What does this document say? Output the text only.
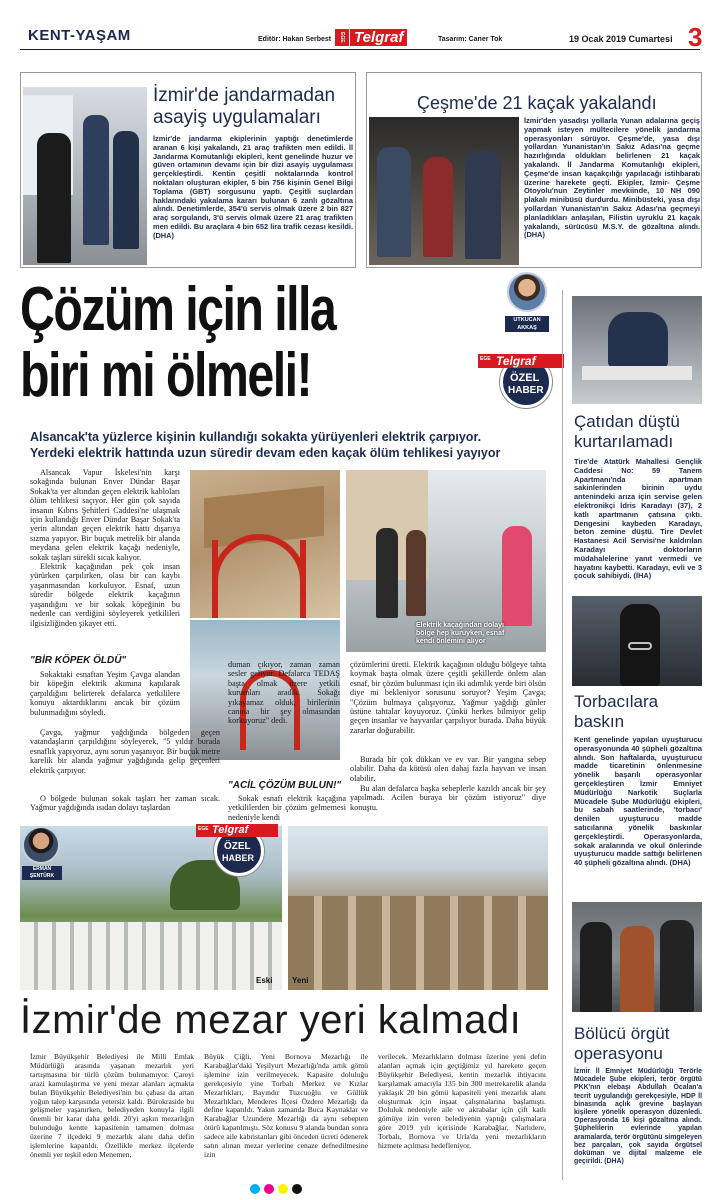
KENT-YAŞAM	Editör: Hakan Serbest	EGE Telgraf	Tasarım: Caner Tok	19 Ocak 2019 Cumartesi 3
İzmir'de jandarmadan asayiş uygulamaları
İzmir'de jandarma ekiplerinin yaptığı denetimlerde aranan 6 kişi yakalandı, 21 araç trafikten men edildi. İl Jandarma Komutanlığı ekipleri, kent genelinde huzur ve güven ortamının devamı için bir dizi asayiş uygulaması gerçekleştirdi. Kentin çeşitli noktalarında kontrol noktaları oluşturan ekipler, 5 bin 756 kişinin Genel Bilgi Toplama (GBT) sorgusunu yaptı. Çeşitli suçlardan haklarındaki yakalama kararı bulunan 6 zanlı gözaltına alındı. Denetimlerde, 354'ü servis olmak üzere 2 bin 827 araç sorgulandı, 3'ü servis olmak üzere 21 araç trafikten men edildi. Bu araçlara 4 bin 652 lira trafik cezası kesildi. (DHA)
Çeşme'de 21 kaçak yakalandı
İzmir'den yasadışı yollarla Yunan adalarına geçiş yapmak isteyen mültecilere yönelik jandarma operasyonları sürüyor. Çeşme'de, yasa dışı yollardan Yunanistan'ın Sakız Adası'na geçme hazırlığında oldukları belirlenen 21 kaçak yakalandı. İl Jandarma Komutanlığı ekipleri, Çeşme'de insan kaçakçılığı yapılacağı istihbaratı üzerine harekete geçti. Ekipler, İzmir- Çeşme Otoyolu'nun Zeytinler mevkiinde, 10 NH 090 plakalı minibüsü durdurdu. Minibüsteki, yasa dışı yollardan Yunanistan'ın Sakız Adası'na geçmeyi planladıkları anlaşılan, Filistin uyruklu 21 kaçak yakalandı, sürücüsü M.S.Y. de gözaltına alındı. (DHA)
Çözüm için illa
biri mi ölmeli!
UTKUCAN
AKKAŞ
EGE Telgraf
ÖZEL
HABER
Alsancak'ta yüzlerce kişinin kullandığı sokakta yürüyenleri elektrik çarpıyor.
Yerdeki elektrik hattında uzun süredir devam eden kaçak ölüm tehlikesi yayıyor

Alsancak Vapur İskelesi'nin karşı sokağında bulunan Enver Dündar Başar Sokak'ta yer altından geçen elektrik kabloları ölüm tehlikesi saçıyor. Her gün çok sayıda insanın Kıbrıs Şehitleri Caddesi'ne ulaşmak için kullandığı Enver Dündar Başar Sokak'ta yerin altından geçen elektrik hattı dışarıya sızma yapıyor. Bir buçuk metrelik bir alanda meydana gelen elektrik kaçağı nedeniyle, sokak taşları sürekli sıcak kalıyor.

Elektrik kaçağından pek çok insan yürürken çarpılırken, olası bir can kaybı yaşanmasından korkuluyor. Esnaf, uzun süredir bölgede elektrik kaçağının yaşandığını ve bir sokak köpeğinin bu nedenle can verdiğini söyleyerek yetkilileri ilgisizliğinden şikayet etti.	Elektrik kaçağından dolayı
bölge hep kuruyken, esnaf
kendi önlemini alıyor
"BİR KÖPEK ÖLDÜ"

Sokaktaki esnaftan Yeşim Çavga alandan bir köpeğin elektrik akımına kapılarak çarpıldığını belirterek defalarca yetkililere konuyu aktardıklarını ancak bir çözüm bulunmadığını söyledi.

Çavga, yağmur yağdığında bölgeden geçen vatandaşların çarpıldığını söyleyerek, "5 yıldır burada esnaflık yapıyoruz, aynı sorun yaşanıyor. Bir buçuk metre karelik bir alanda yağmur yağdığında gelip geçenleri elektrik çarpıyor.

O bölgede bulunan sokak taşları her zaman sıcak. Yağmur yağdığında ısıdan dolayı taşlardan

duman çıkıyor, zaman zaman sesler geliyor. Defalarca TEDAŞ başta olmak üzere yetkili kurumları aradık. Sokağı yıkayamaz olduk, birilerinin canına bir şey olmasından korkuyoruz" dedi.

"ACİL ÇÖZÜM BULUN!"

Sokak esnafı elektrik kaçağına yetkililerden bir çözüm gelmemesi nedeniyle kendi

çözümlerini üretti. Elektrik kaçağının olduğu bölgeye tahta koymak başta olmak üzere çeşitli şekillerde önlem alan esnaf, bir çözüm bulunması için iki adımlık yerde biri ölsün diye mi bekleniyor sorusunu soruyor? Yeşim Çavga; "Çözüm bulmaya çalışıyoruz. Yağmur yağdığı günler üstüne tahtalar koyuyoruz. Çünkü herkes bilmiyor gelip geçen insanlar ve hayvanlar çarpılıyor burada. Daha büyük zararlar doğurabilir.

Burada bir çok dükkan ve ev var. Bir yangına sebep olabilir. Daha da kötüsü olen dahaj fazla hayvan ve insan olabilir.

Bu alan defalarca başka sebeplerle kazıldı ancak bir şey yapılmadı. Acilen buraya bir çözüm istiyoruz" diye konuştu.

Eski Yeni
ERMAN
ŞENTÜRK
EGE Telgraf
ÖZEL
HABER
İzmir'de mezar yeri kalmadı

İzmir Büyükşehir Belediyesi ile Milli Emlak Müdürlüğü arasında yaşanan mezarlık yeri tartışmasına bir türlü çözüm bulunamıyor. Çareyi arazi kamulaştırma ve yeni mezar alanları açmakta bulan Büyükşehir Belediyesi'nin bu çabası da artan yoğun talep karşısında yetersiz kaldı. Bürokraside bu gelişmeler yaşanırken, belediyeden konuyla ilgili önemli bir karar daha geldi. 20'yi aşkın mezarlığın bulunduğu kentte kapasitenin tamamen dolması üzerine 7 ilçedeki 9 mezarlık alanı daha defin işlemlerine kapatıldı. Özellikle merkez ilçelerde önemli yer teşkil eden Menemen,

Büyük Çiğli, Yeni Bornova Mezarlığı ile Karabağlar'daki Yeşilyurt Mezarlığı'nda artık gömü işlemine izin verilmeyecek. Kapasite doluluğu gerekçesiyle yine Torbalı Merkez ve Kızlar Mezarlıkları, Bayındır Tuzcuoğlu ve Güllük Mezarlıkları, Menderes İlçesi Özdere Mezarlığı da define kapatıldı. Yakın zamanda Buca Kaynaklar ve Karabağlar Uzundere Mezarlığı da aynı sebepten ötürü kapatılmıştı. Söz konusu 9 alanda bundan sonra sadece aile kabristanları gibi önceden ücreti ödenerek satın alınan mezar yerlerine cenaze defnedilmesine izin

verilecek. Mezarlıkların dolması üzerine yeni defin alanları açmak için geçtiğimiz yıl harekete geçen Büyükşehir Belediyesi, kentin mezarlık ihtiyacını karşılamak amacıyla 135 bin 300 metrekarelik alanda yaklaşık 20 bin gömü kapasiteli yeni mezarlık alanı oluşturmak için inşaat çalışmalarına başlamıştı. Doluluk nedeniyle aile ve akrabalar için çift katlı gömüye izin veren belediyenin yaptığı çalışmalara göre 2019 yılı içerisinde Karabağlar, Narlıdere, Torbalı, Bornova ve Urla'da yeni mezarlıkların hizmete açılması hedefleniyor.

Çatıdan düştü
kurtarılamadı

Tire'de Atatürk Mahallesi Gençlik Caddesi No: 59 Tanem Apartmanı'nda apartman sakinlerinden birinin uydu antenindeki arıza için servise gelen elektronikçi İdris Karadayı (37), 2 katlı apartmanın çatısına çıktı. Dengesini kaybeden Karadayı, beton zemine düştü. Tire Devlet Hastanesi Acil Servisi'ne kaldırılan Karadayı doktorların müdahalelerine yanıt vermedi ve hayatını kaybetti. Karadayı, evli ve 3 çocuk sahibiydi. (İHA)

Torbacılara
baskın

Kent genelinde yapılan uyuşturucu operasyonunda 40 şüpheli gözaltına alındı. Son haftalarda, uyuşturucu madde ticaretinin önlenmesine yönelik başarılı operasyonlar gerçekleştiren İzmir Emniyet Müdürlüğü Narkotik Suçlarla Mücadele Şube Müdürlüğü ekipleri, bu sabah saatlerinde, 'torbacı' denilen uyuşturucu madde satıcılarına yönelik baskınlar gerçekleştirdi. Operasyonlarda, sokak aralarında ve okul önlerinde uyuşturucu madde sattığı belirlenen 40 şüpheli gözaltına alındı. (DHA)

Bölücü örgüt
operasyonu

İzmir İl Emniyet Müdürlüğü Terörle Mücadele Şube ekipleri, terör örgütü PKK'nın elebaşı Abdullah Öcalan'a tecrit uygulandığı gerekçesiyle, HDP İl binasında açlık grevine başlayan kişilere yönelik operasyon düzenledi. Operasyonda 16 kişi gözaltına alındı. Şüphelilerin evlerinde yapılan aramalarda, terör örgütünü simgeleyen bez parçaları, çok sayıda örgütsel doküman ve dijital malzeme ele geçirildi. (DHA)
